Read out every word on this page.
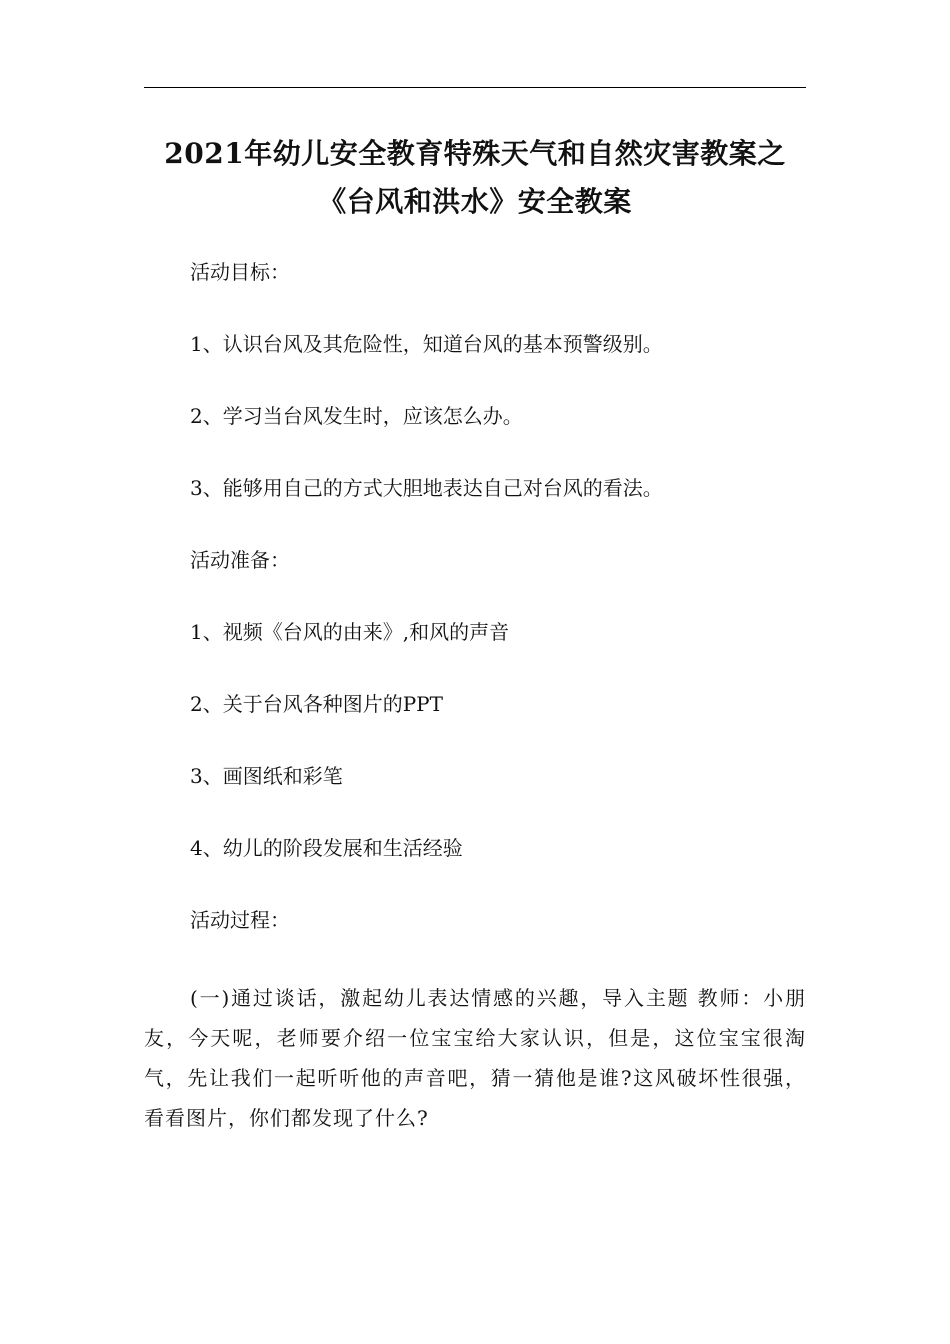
2021年幼儿安全教育特殊天气和自然灾害教案之
《台风和洪水》安全教案

活动目标：

1、认识台风及其危险性，知道台风的基本预警级别。

2、学习当台风发生时，应该怎么办。

3、能够用自己的方式大胆地表达自己对台风的看法。

活动准备：

1、视频《台风的由来》,和风的声音

2、关于台风各种图片的PPT

3、画图纸和彩笔

4、幼儿的阶段发展和生活经验

活动过程：

(一)通过谈话，激起幼儿表达情感的兴趣，导入主题 教师：小朋友，今天呢，老师要介绍一位宝宝给大家认识，但是，这位宝宝很淘气，先让我们一起听听他的声音吧，猜一猜他是谁?这风破坏性很强，看看图片，你们都发现了什么?
